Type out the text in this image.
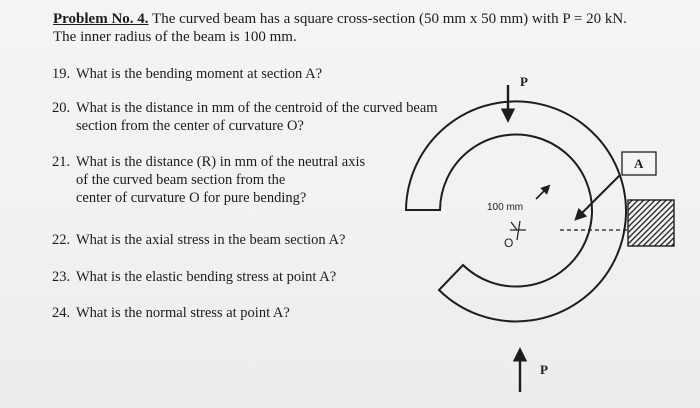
Problem No. 4. The curved beam has a square cross-section (50 mm x 50 mm) with P = 20 kN.
The inner radius of the beam is 100 mm.
19. What is the bending moment at section A?
20. What is the distance in mm of the centroid of the curved beam
section from the center of curvature O?
21. What is the distance (R) in mm of the neutral axis
of the curved beam section from the
center of curvature O for pure bending?
22. What is the axial stress in the beam section A?
23. What is the elastic bending stress at point A?
24. What is the normal stress at point A?
P
P
100 mm
O
A
